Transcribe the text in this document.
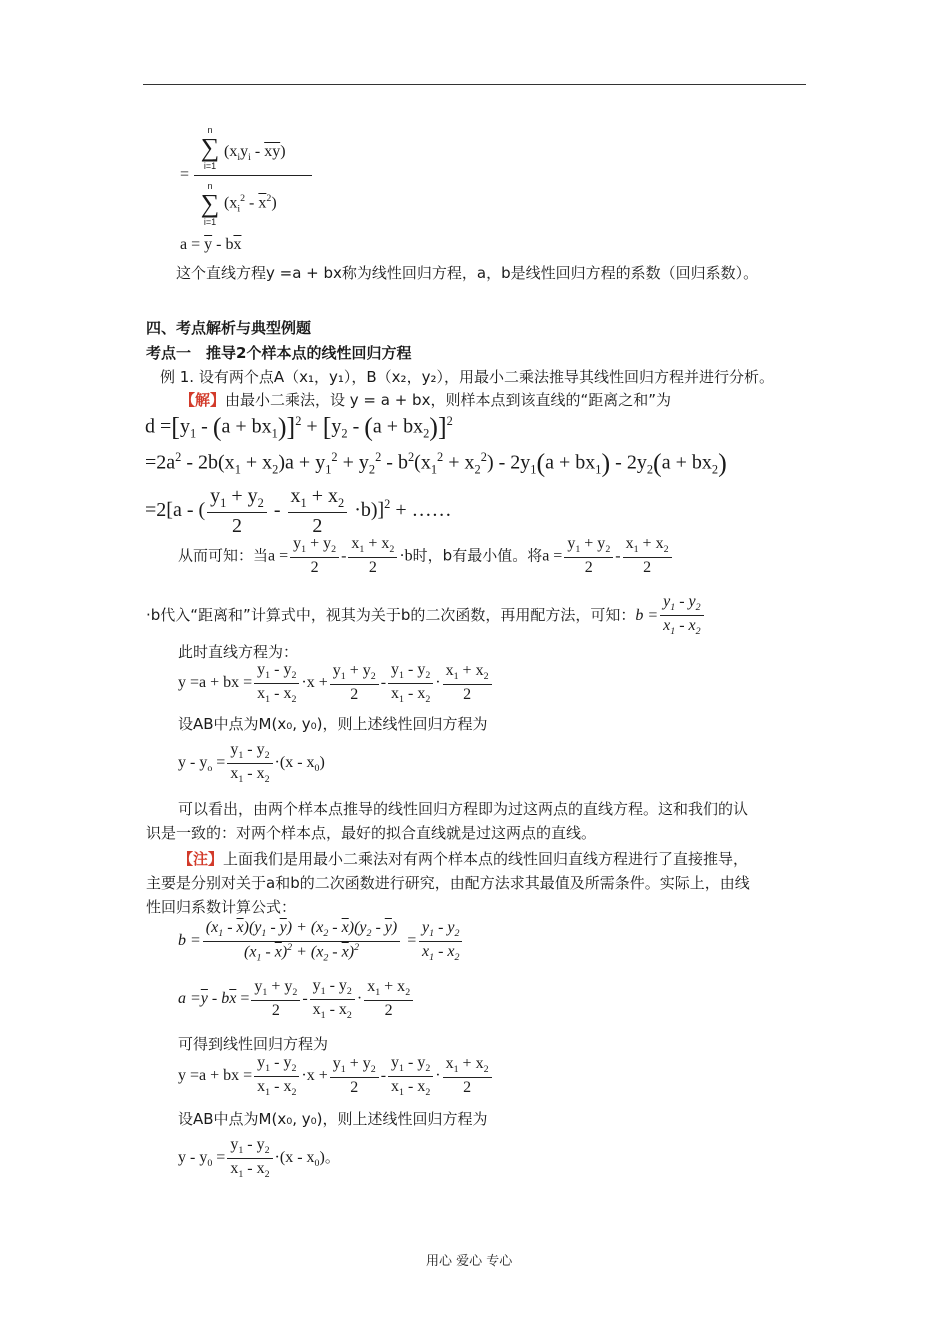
n
∑
i=1
$(x_iy_i - \overline{xy})$
n
∑
i=1
$(x_i^2 - \overline{x}^2)$
=
$a = \overline{y} - b\overline{x}$
这个直线方程y =a + bx称为线性回归方程，a，b是线性回归方程的系数（回归系数）。
四、考点解析与典型例题
考点一　推导2个样本点的线性回归方程
例 1. 设有两个点A（x₁，y₁），B（x₂，y₂），用最小二乘法推导其线性回归方程并进行分析。
【解】由最小二乘法，设 y = a + bx，则样本点到该直线的“距离之和”为
$d =[y_1 - (a + bx_1)]^2 + [y_2 - (a + bx_2)]^2$
$=2a^2 - 2b(x_1 + x_2)a + y_1^2 + y_2^2 - b^2(x_1^2 + x_2^2) - 2y_1(a + bx_1) - 2y_2(a + bx_2)$
=2[a - ( $\frac{y_1 + y_2}{2} - \frac{x_1 + x_2}{2} \cdot b)]^2$ + ……
从而可知：当$a = \frac{y_1 + y_2}{2} - \frac{x_1 + x_2}{2} \cdot b$时，b有最小值。将$a = \frac{y_1 + y_2}{2} - \frac{x_1 + x_2}{2}$
·b代入“距离和”计算式中，视其为关于b的二次函数，再用配方法，可知：$b = \frac{y_1 - y_2}{x_1 - x_2}$
此时直线方程为：
y =a + bx = $\frac{y_1 - y_2}{x_1 - x_2} \cdot x + \frac{y_1 + y_2}{2} - \frac{y_1 - y_2}{x_1 - x_2} \cdot \frac{x_1 + x_2}{2}$
设AB中点为M(x₀, y₀)，则上述线性回归方程为
$y - y_o = \frac{y_1 - y_2}{x_1 - x_2} \cdot(x - x_0)$
可以看出，由两个样本点推导的线性回归方程即为过这两点的直线方程。这和我们的认
识是一致的：对两个样本点，最好的拟合直线就是过这两点的直线。
【注】上面我们是用最小二乘法对有两个样本点的线性回归直线方程进行了直接推导，
主要是分别对关于a和b的二次函数进行研究，由配方法求其最值及所需条件。实际上，由线
性回归系数计算公式：
$b = \frac{(x_1 - \overline{x})(y_1 - \overline{y}) + (x_2 - \overline{x})(y_2 - \overline{y})}{(x_1 - \overline{x})^2 + (x_2 - \overline{x})^2} = \frac{y_1 - y_2}{x_1 - x_2}$
$a =\overline{y} - b\overline{x} = \frac{y_1 + y_2}{2} - \frac{y_1 - y_2}{x_1 - x_2} \cdot \frac{x_1 + x_2}{2}$
可得到线性回归方程为
y =a + bx = $\frac{y_1 - y_2}{x_1 - x_2} \cdot x + \frac{y_1 + y_2}{2} - \frac{y_1 - y_2}{x_1 - x_2} \cdot \frac{x_1 + x_2}{2}$
设AB中点为M(x₀, y₀)，则上述线性回归方程为
$y - y_0 = \frac{y_1 - y_2}{x_1 - x_2} \cdot(x - x_0)$。
用心 爱心 专心
